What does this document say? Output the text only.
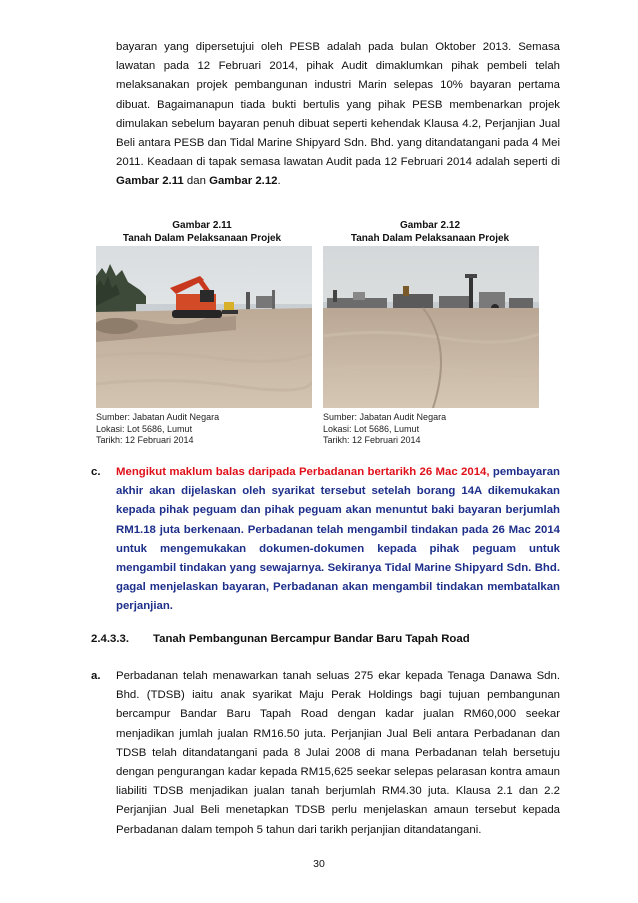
bayaran yang dipersetujui oleh PESB adalah pada bulan Oktober 2013. Semasa lawatan pada 12 Februari 2014, pihak Audit dimaklumkan pihak pembeli telah melaksanakan projek pembangunan industri Marin selepas 10% bayaran pertama dibuat. Bagaimanapun tiada bukti bertulis yang pihak PESB membenarkan projek dimulakan sebelum bayaran penuh dibuat seperti kehendak Klausa 4.2, Perjanjian Jual Beli antara PESB dan Tidal Marine Shipyard Sdn. Bhd. yang ditandatangani pada 4 Mei 2011. Keadaan di tapak semasa lawatan Audit pada 12 Februari 2014 adalah seperti di Gambar 2.11 dan Gambar 2.12.

Gambar 2.11
Tanah Dalam Pelaksanaan Projek
Sumber: Jabatan Audit Negara
Lokasi: Lot 5686, Lumut
Tarikh: 12 Februari 2014
Gambar 2.12
Tanah Dalam Pelaksanaan Projek
Sumber: Jabatan Audit Negara
Lokasi: Lot 5686, Lumut
Tarikh: 12 Februari 2014
c. Mengikut maklum balas daripada Perbadanan bertarikh 26 Mac 2014, pembayaran akhir akan dijelaskan oleh syarikat tersebut setelah borang 14A dikemukakan kepada pihak peguam dan pihak peguam akan menuntut baki bayaran berjumlah RM1.18 juta berkenaan. Perbadanan telah mengambil tindakan pada 26 Mac 2014 untuk mengemukakan dokumen-dokumen kepada pihak peguam untuk mengambil tindakan yang sewajarnya. Sekiranya Tidal Marine Shipyard Sdn. Bhd. gagal menjelaskan bayaran, Perbadanan akan mengambil tindakan membatalkan perjanjian.
2.4.3.3. Tanah Pembangunan Bercampur Bandar Baru Tapah Road
a. Perbadanan telah menawarkan tanah seluas 275 ekar kepada Tenaga Danawa Sdn. Bhd. (TDSB) iaitu anak syarikat Maju Perak Holdings bagi tujuan pembangunan bercampur Bandar Baru Tapah Road dengan kadar jualan RM60,000 seekar menjadikan jumlah jualan RM16.50 juta. Perjanjian Jual Beli antara Perbadanan dan TDSB telah ditandatangani pada 8 Julai 2008 di mana Perbadanan telah bersetuju dengan pengurangan kadar kepada RM15,625 seekar selepas pelarasan kontra amaun liabiliti TDSB menjadikan jualan tanah berjumlah RM4.30 juta. Klausa 2.1 dan 2.2 Perjanjian Jual Beli menetapkan TDSB perlu menjelaskan amaun tersebut kepada Perbadanan dalam tempoh 5 tahun dari tarikh perjanjian ditandatangani.

30
